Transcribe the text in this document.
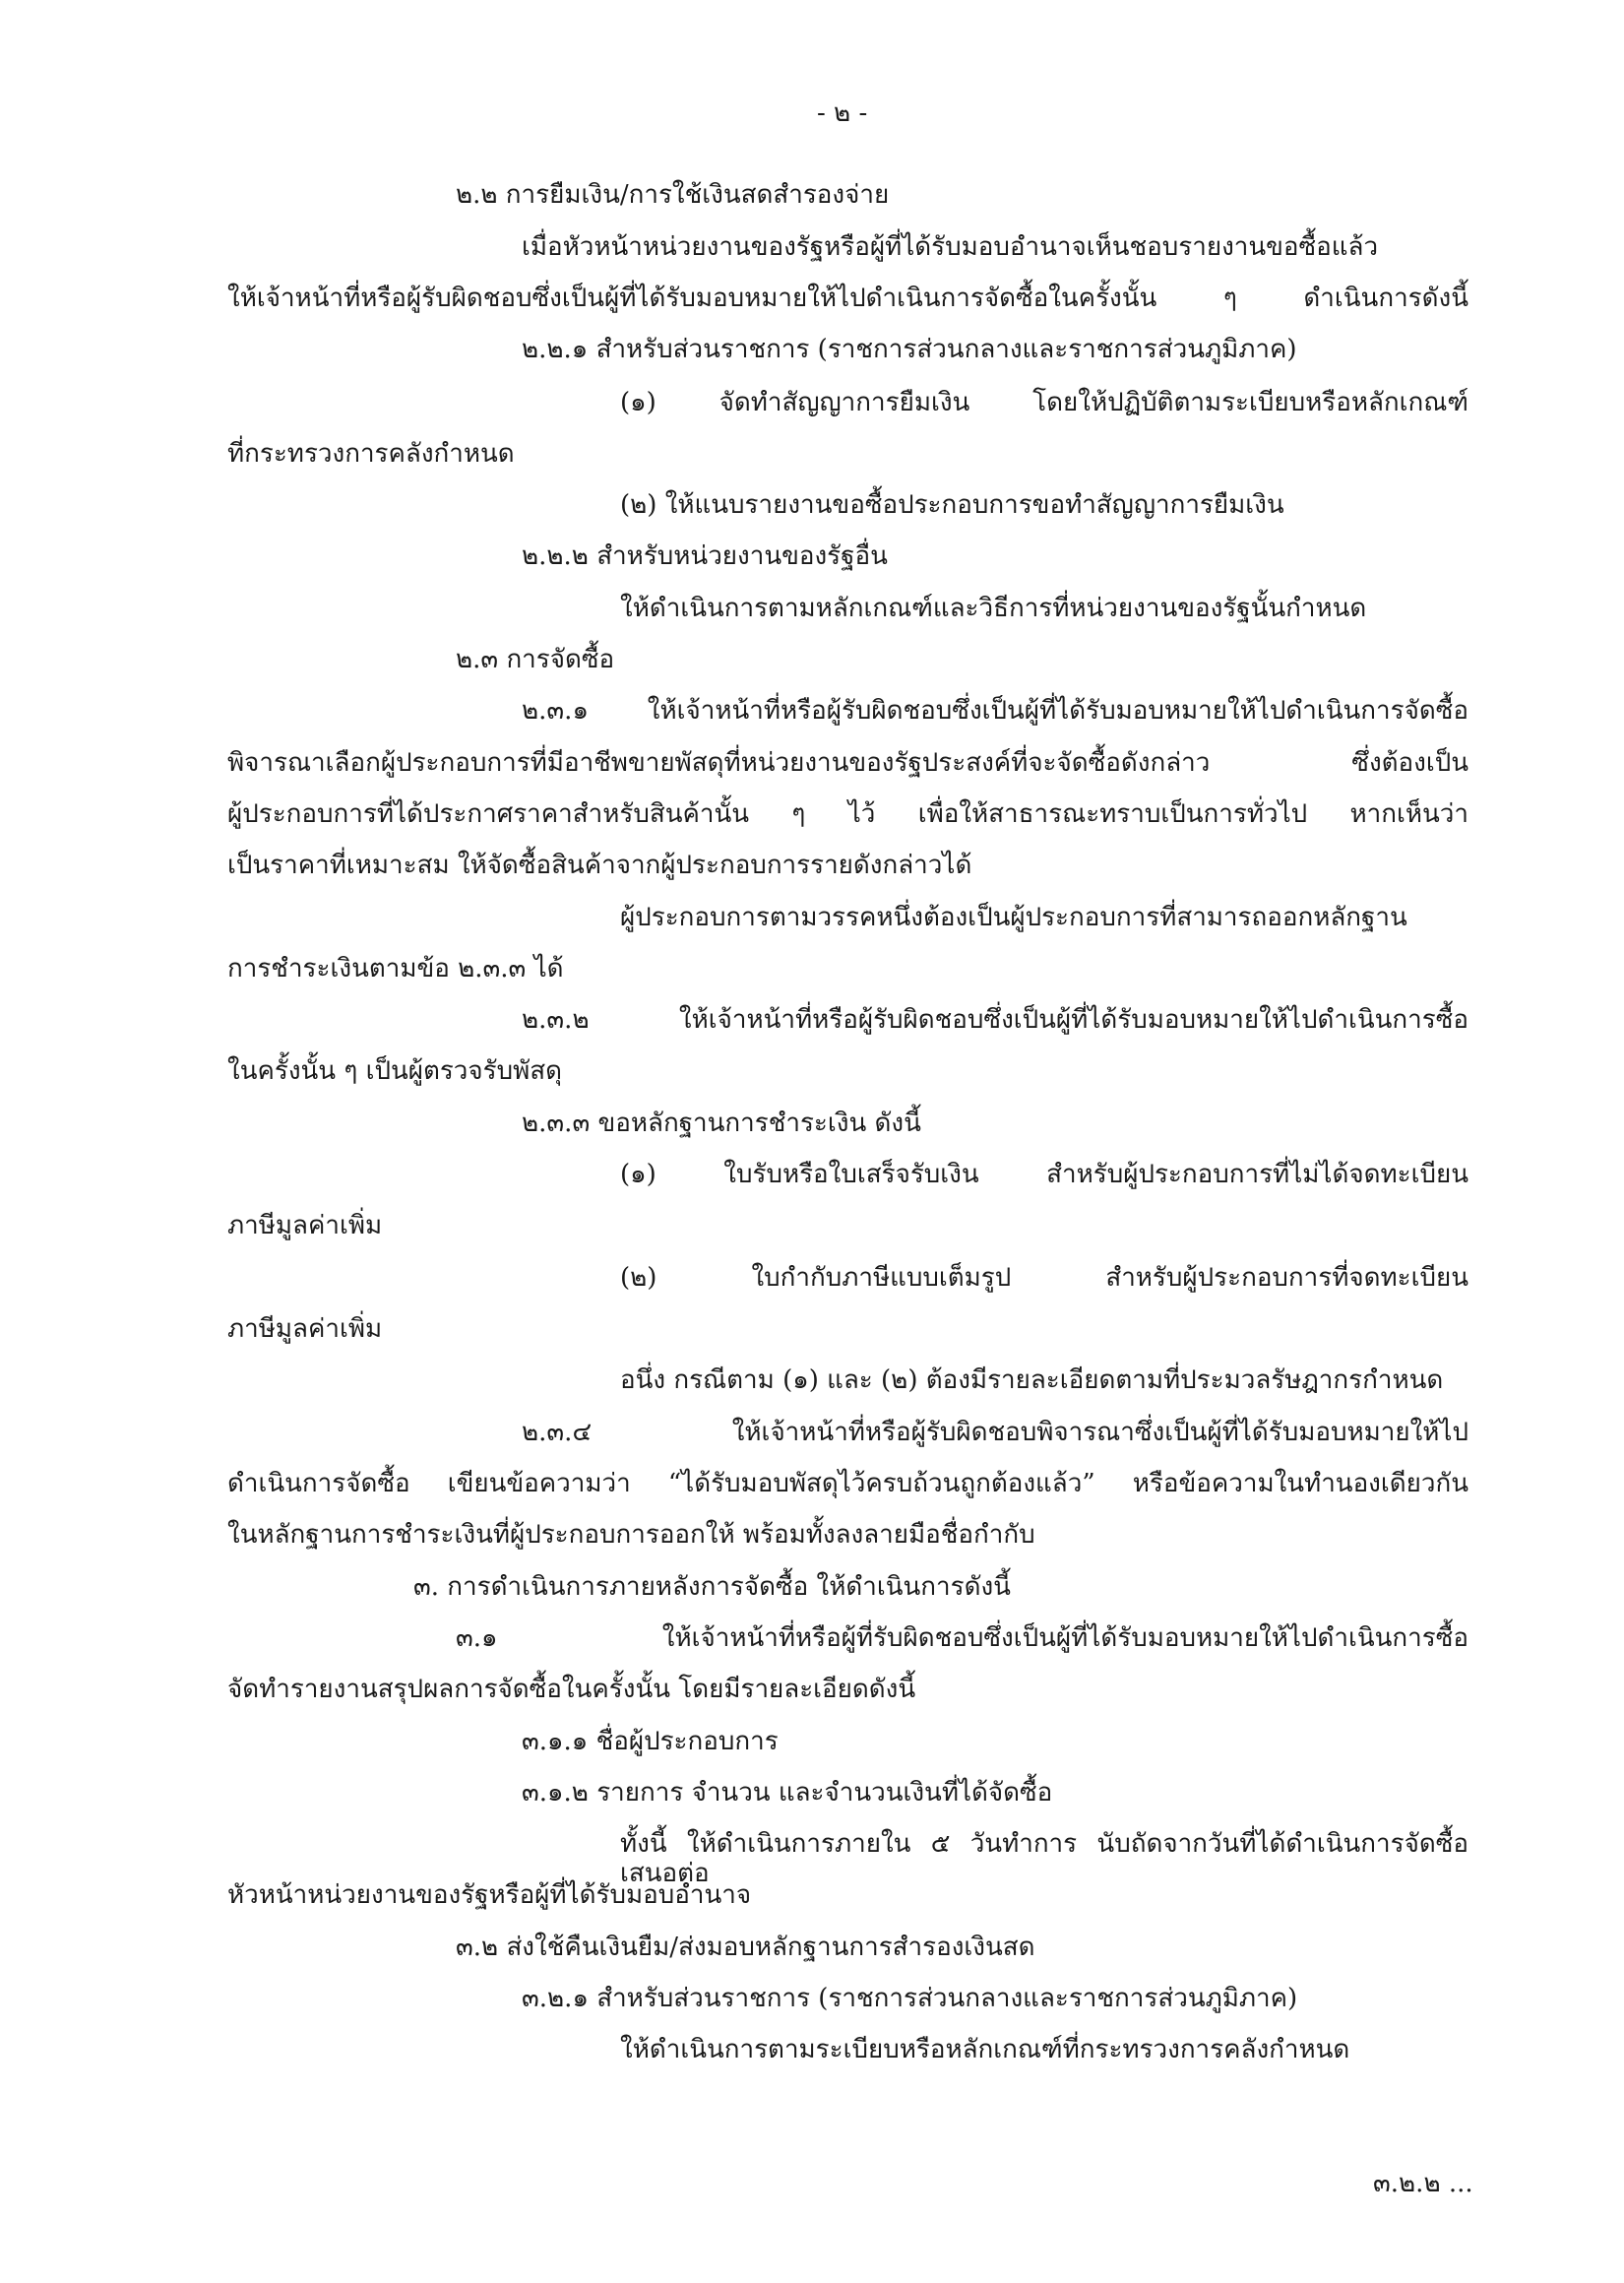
- ๒ -
๒.๒ การยืมเงิน/การใช้เงินสดสำรองจ่าย
เมื่อหัวหน้าหน่วยงานของรัฐหรือผู้ที่ได้รับมอบอำนาจเห็นชอบรายงานขอซื้อแล้ว
ให้เจ้าหน้าที่หรือผู้รับผิดชอบซึ่งเป็นผู้ที่ได้รับมอบหมายให้ไปดำเนินการจัดซื้อในครั้งนั้น ๆ ดำเนินการดังนี้
๒.๒.๑ สำหรับส่วนราชการ (ราชการส่วนกลางและราชการส่วนภูมิภาค)
(๑) จัดทำสัญญาการยืมเงิน โดยให้ปฏิบัติตามระเบียบหรือหลักเกณฑ์
ที่กระทรวงการคลังกำหนด
(๒) ให้แนบรายงานขอซื้อประกอบการขอทำสัญญาการยืมเงิน
๒.๒.๒ สำหรับหน่วยงานของรัฐอื่น
ให้ดำเนินการตามหลักเกณฑ์และวิธีการที่หน่วยงานของรัฐนั้นกำหนด
๒.๓ การจัดซื้อ
๒.๓.๑ ให้เจ้าหน้าที่หรือผู้รับผิดชอบซึ่งเป็นผู้ที่ได้รับมอบหมายให้ไปดำเนินการจัดซื้อ
พิจารณาเลือกผู้ประกอบการที่มีอาชีพขายพัสดุที่หน่วยงานของรัฐประสงค์ที่จะจัดซื้อดังกล่าว ซึ่งต้องเป็น
ผู้ประกอบการที่ได้ประกาศราคาสำหรับสินค้านั้น ๆ ไว้ เพื่อให้สาธารณะทราบเป็นการทั่วไป หากเห็นว่า
เป็นราคาที่เหมาะสม ให้จัดซื้อสินค้าจากผู้ประกอบการรายดังกล่าวได้
ผู้ประกอบการตามวรรคหนึ่งต้องเป็นผู้ประกอบการที่สามารถออกหลักฐาน
การชำระเงินตามข้อ ๒.๓.๓ ได้
๒.๓.๒ ให้เจ้าหน้าที่หรือผู้รับผิดชอบซึ่งเป็นผู้ที่ได้รับมอบหมายให้ไปดำเนินการซื้อ
ในครั้งนั้น ๆ เป็นผู้ตรวจรับพัสดุ
๒.๓.๓ ขอหลักฐานการชำระเงิน ดังนี้
(๑) ใบรับหรือใบเสร็จรับเงิน สำหรับผู้ประกอบการที่ไม่ได้จดทะเบียน
ภาษีมูลค่าเพิ่ม
(๒) ใบกำกับภาษีแบบเต็มรูป สำหรับผู้ประกอบการที่จดทะเบียน
ภาษีมูลค่าเพิ่ม
อนึ่ง กรณีตาม (๑) และ (๒) ต้องมีรายละเอียดตามที่ประมวลรัษฎากรกำหนด
๒.๓.๔ ให้เจ้าหน้าที่หรือผู้รับผิดชอบพิจารณาซึ่งเป็นผู้ที่ได้รับมอบหมายให้ไป
ดำเนินการจัดซื้อ เขียนข้อความว่า “ได้รับมอบพัสดุไว้ครบถ้วนถูกต้องแล้ว” หรือข้อความในทำนองเดียวกัน
ในหลักฐานการชำระเงินที่ผู้ประกอบการออกให้ พร้อมทั้งลงลายมือชื่อกำกับ
๓. การดำเนินการภายหลังการจัดซื้อ ให้ดำเนินการดังนี้
๓.๑ ให้เจ้าหน้าที่หรือผู้ที่รับผิดชอบซึ่งเป็นผู้ที่ได้รับมอบหมายให้ไปดำเนินการซื้อ
จัดทำรายงานสรุปผลการจัดซื้อในครั้งนั้น โดยมีรายละเอียดดังนี้
๓.๑.๑ ชื่อผู้ประกอบการ
๓.๑.๒ รายการ จำนวน และจำนวนเงินที่ได้จัดซื้อ
ทั้งนี้ ให้ดำเนินการภายใน ๕ วันทำการ นับถัดจากวันที่ได้ดำเนินการจัดซื้อเสนอต่อ
หัวหน้าหน่วยงานของรัฐหรือผู้ที่ได้รับมอบอำนาจ
๓.๒ ส่งใช้คืนเงินยืม/ส่งมอบหลักฐานการสำรองเงินสด
๓.๒.๑ สำหรับส่วนราชการ (ราชการส่วนกลางและราชการส่วนภูมิภาค)
ให้ดำเนินการตามระเบียบหรือหลักเกณฑ์ที่กระทรวงการคลังกำหนด
๓.๒.๒ ...
